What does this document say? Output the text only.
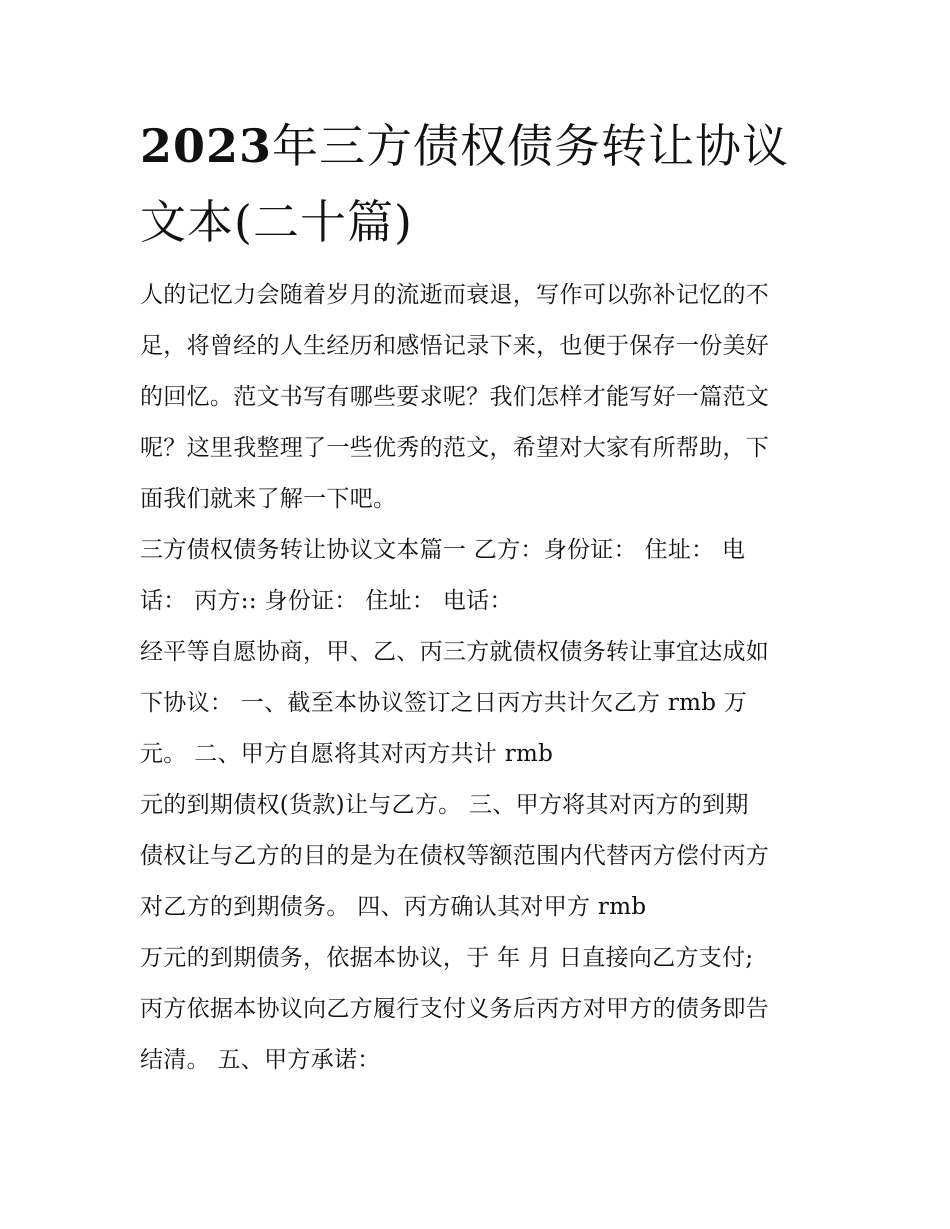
2023年三方债权债务转让协议
文本(二十篇)
人的记忆力会随着岁月的流逝而衰退，写作可以弥补记忆的不
足，将曾经的人生经历和感悟记录下来，也便于保存一份美好
的回忆。范文书写有哪些要求呢？我们怎样才能写好一篇范文
呢？这里我整理了一些优秀的范文，希望对大家有所帮助，下
面我们就来了解一下吧。
三方债权债务转让协议文本篇一 乙方：身份证： 住址： 电
话： 丙方:: 身份证： 住址： 电话：
经平等自愿协商，甲、乙、丙三方就债权债务转让事宜达成如
下协议： 一、截至本协议签订之日丙方共计欠乙方 rmb 万
元。 二、甲方自愿将其对丙方共计 rmb
元的到期债权(货款)让与乙方。 三、甲方将其对丙方的到期
债权让与乙方的目的是为在债权等额范围内代替丙方偿付丙方
对乙方的到期债务。 四、丙方确认其对甲方 rmb
万元的到期债务，依据本协议，于 年 月 日直接向乙方支付;
丙方依据本协议向乙方履行支付义务后丙方对甲方的债务即告
结清。 五、甲方承诺：
